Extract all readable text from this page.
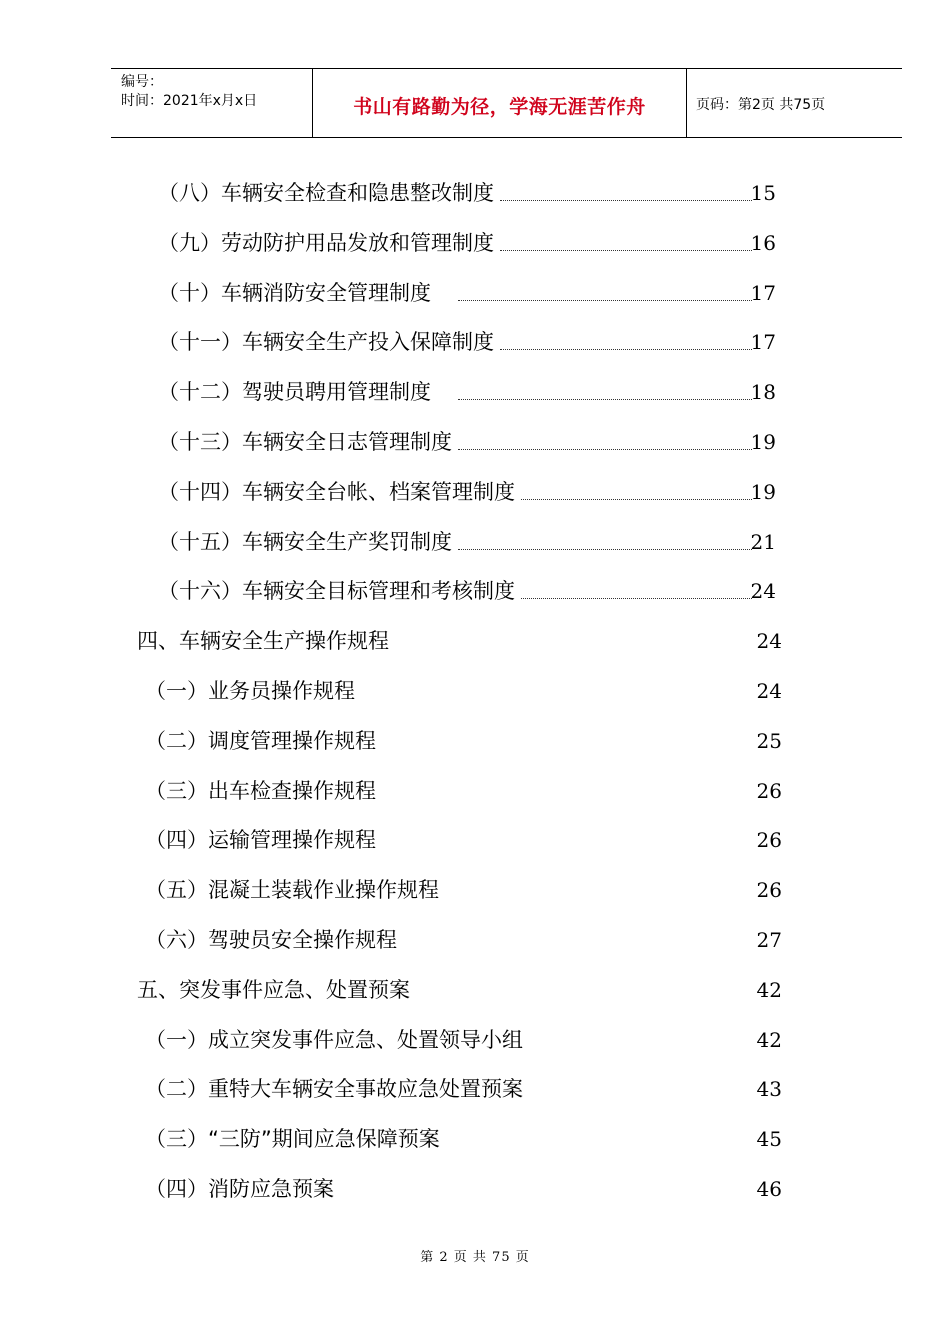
编号：
时间：2021年x月x日	书山有路勤为径，学海无涯苦作舟	页码：第2页 共75页
（八）车辆安全检查和隐患整改制度	15
（九）劳动防护用品发放和管理制度	16
（十）车辆消防安全管理制度	17
（十一）车辆安全生产投入保障制度	17
（十二）驾驶员聘用管理制度	18
（十三）车辆安全日志管理制度	19
（十四）车辆安全台帐、档案管理制度	19
（十五）车辆安全生产奖罚制度	21
（十六）车辆安全目标管理和考核制度	24
四、车辆安全生产操作规程	24
（一）业务员操作规程	24
（二）调度管理操作规程	25
（三）出车检查操作规程	26
（四）运输管理操作规程	26
（五）混凝土装载作业操作规程	26
（六）驾驶员安全操作规程	27
五、突发事件应急、处置预案	42
（一）成立突发事件应急、处置领导小组	42
（二）重特大车辆安全事故应急处置预案	43
（三）“三防”期间应急保障预案	45
（四）消防应急预案	46
第 2 页 共 75 页
